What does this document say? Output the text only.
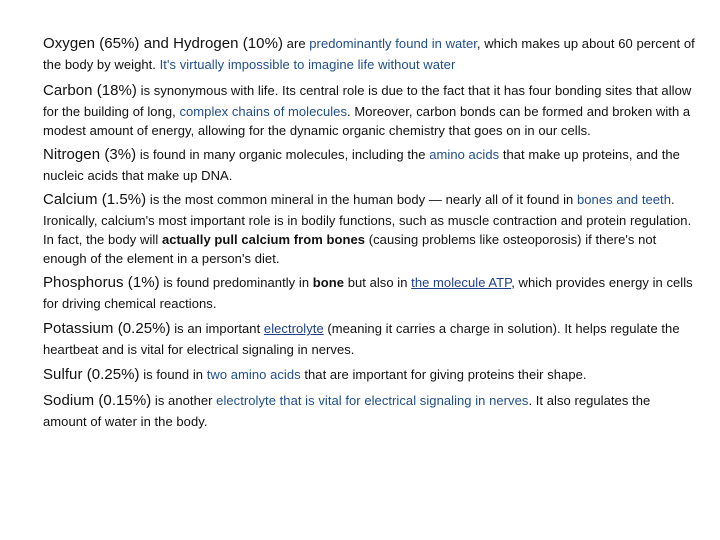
Oxygen (65%) and Hydrogen (10%) are predominantly found in water, which makes up about 60 percent of the body by weight. It's virtually impossible to imagine life without water

Carbon (18%) is synonymous with life. Its central role is due to the fact that it has four bonding sites that allow for the building of long, complex chains of molecules. Moreover, carbon bonds can be formed and broken with a modest amount of energy, allowing for the dynamic organic chemistry that goes on in our cells.

Nitrogen (3%) is found in many organic molecules, including the amino acids that make up proteins, and the nucleic acids that make up DNA.

Calcium (1.5%) is the most common mineral in the human body — nearly all of it found in bones and teeth. Ironically, calcium's most important role is in bodily functions, such as muscle contraction and protein regulation. In fact, the body will actually pull calcium from bones (causing problems like osteoporosis) if there's not enough of the element in a person's diet.

Phosphorus (1%) is found predominantly in bone but also in the molecule ATP, which provides energy in cells for driving chemical reactions.

Potassium (0.25%) is an important electrolyte (meaning it carries a charge in solution). It helps regulate the heartbeat and is vital for electrical signaling in nerves.

Sulfur (0.25%) is found in two amino acids that are important for giving proteins their shape.

Sodium (0.15%) is another electrolyte that is vital for electrical signaling in nerves. It also regulates the amount of water in the body.
